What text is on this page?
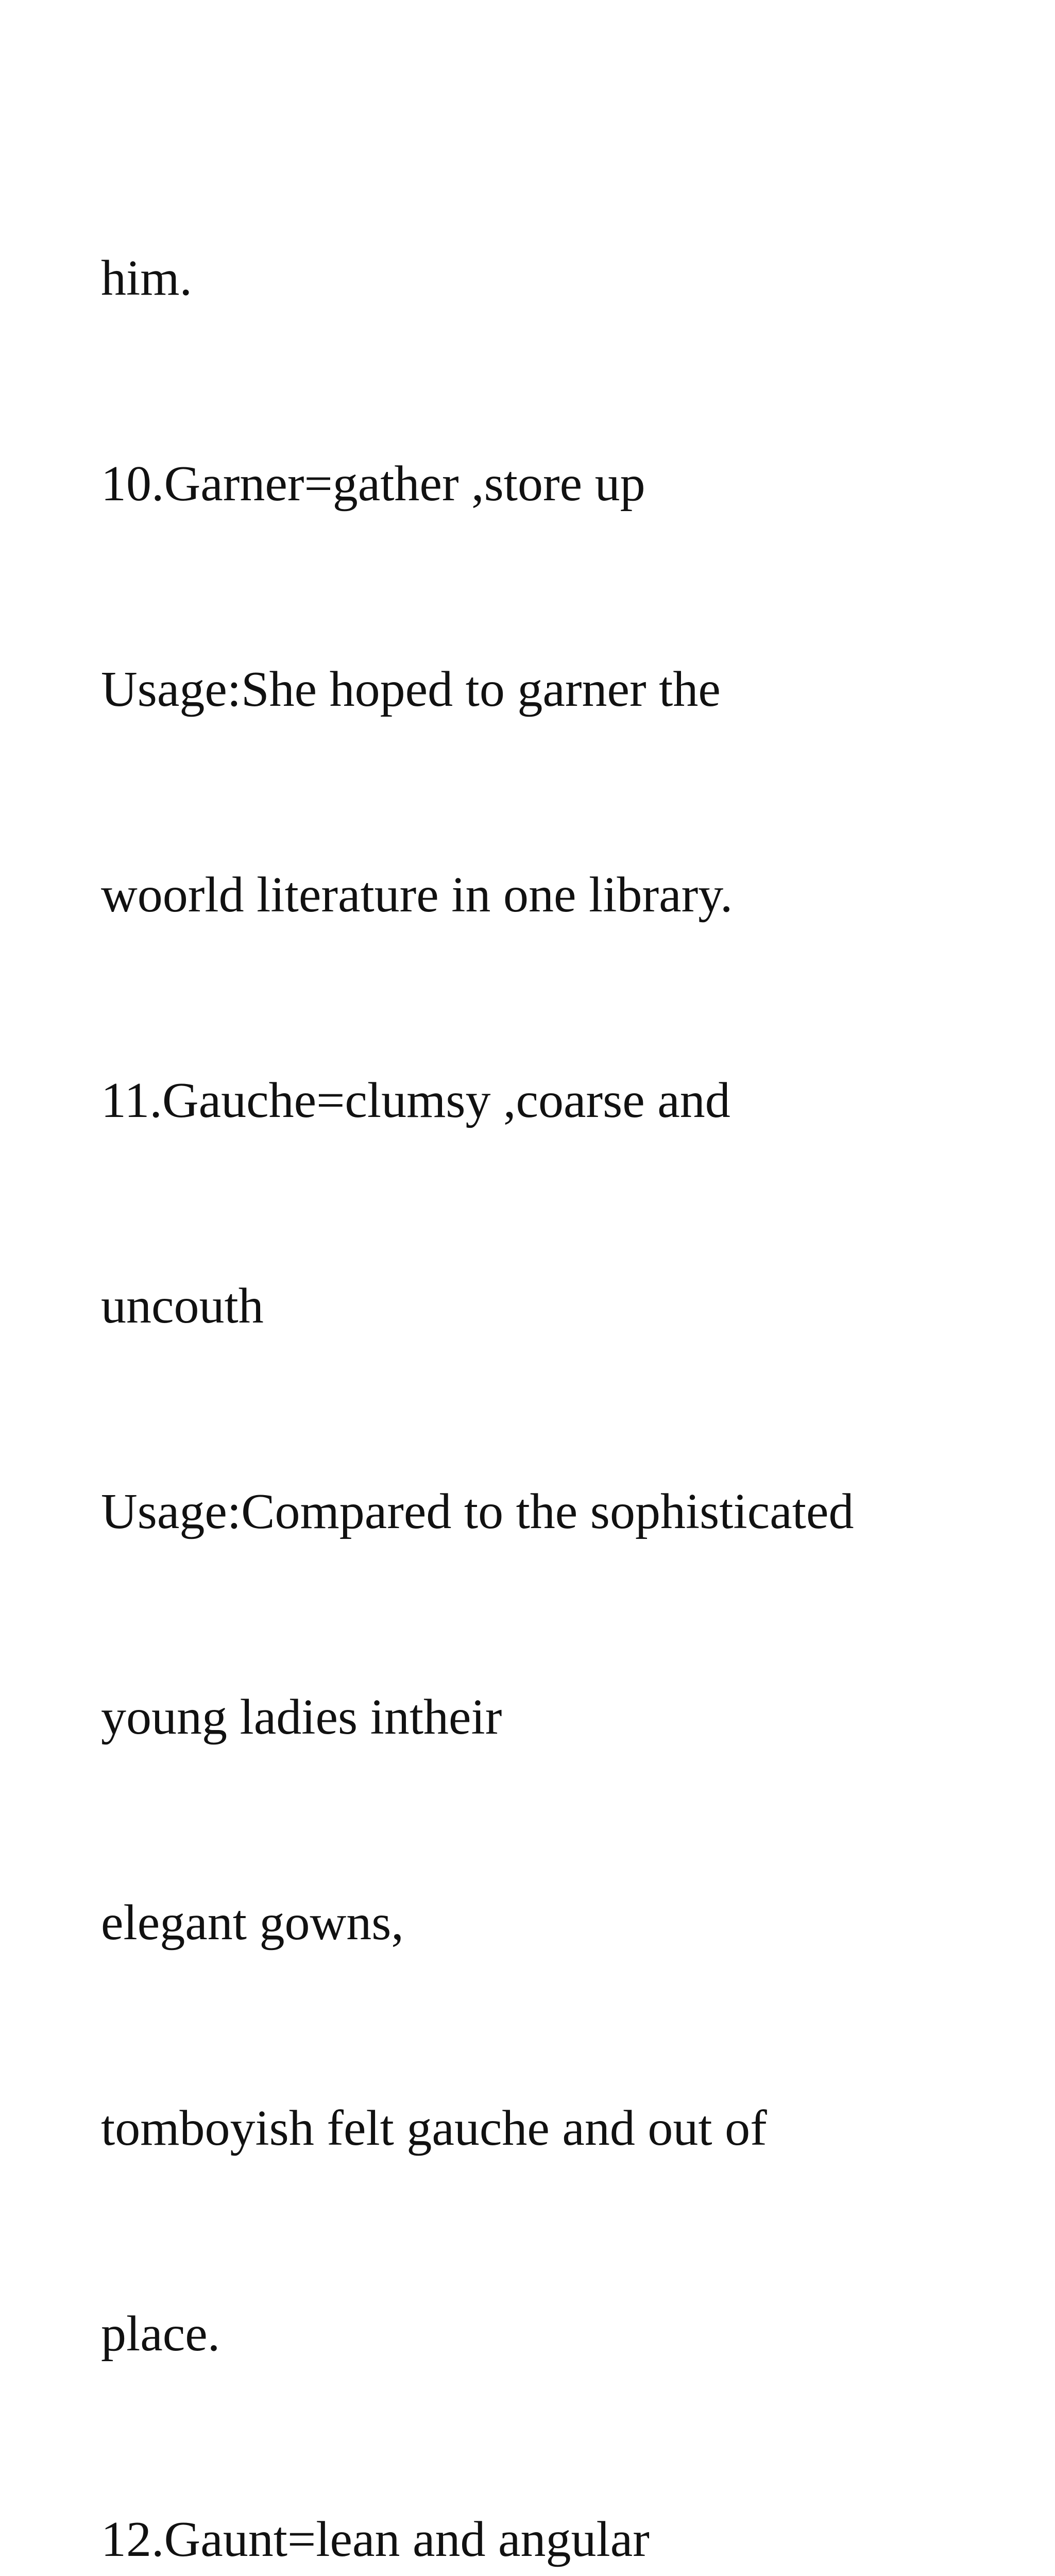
him.

10.Garner=gather ,store up

Usage:She hoped to garner the

woorld literature in one library.

11.Gauche=clumsy ,coarse and

uncouth

Usage:Compared to the sophisticated

young ladies intheir

elegant gowns,

tomboyish felt gauche and out of

place.

12.Gaunt=lean and angular
